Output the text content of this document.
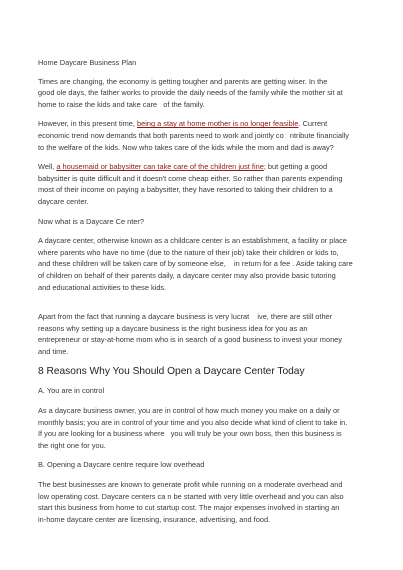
Home Daycare Business Plan
Times are changing, the economy is getting tougher and parents are getting wiser. In the
good ole days, the father works to provide the daily needs of the family while the mother sit at
home to raise the kids and take care   of the family.
However, in this present time, being a stay at home mother is no longer feasible. Current
economic trend now demands that both parents need to work and jointly co   ntribute financially
to the welfare of the kids. Now who takes care of the kids while the mom and dad is away?
Well, a housemaid or babysitter can take care of the children just fine; but getting a good
babysitter is quite difficult and it doesn't come cheap either. So rather than parents expending
most of their income on paying a babysitter, they have resorted to taking their children to a
daycare center.
Now what is a Daycare Ce nter?
A daycare center, otherwise known as a childcare center is an establishment, a facility or place
where parents who have no time (due to the nature of their job) take their children or kids to,
and these children will be taken care of by someone else,    in return for a fee . Aside taking care
of children on behalf of their parents daily, a daycare center may also provide basic tutoring
and educational activities to these kids.
Apart from the fact that running a daycare business is very lucrat    ive, there are still other
reasons why setting up a daycare business is the right business idea for you as an
entrepreneur or stay-at-home mom who is in search of a good business to invest your money
and time.
8 Reasons Why You Should Open a Daycare Center Today
A. You are in control
As a daycare business owner, you are in control of how much money you make on a daily or
monthly basis; you are in control of your time and you also decide what kind of client to take in.
If you are looking for a business where   you will truly be your own boss, then this business is
the right one for you.
B. Opening a Daycare centre require low overhead
The best businesses are known to generate profit while running on a moderate overhead and
low operating cost. Daycare centers ca n be started with very little overhead and you can also
start this business from home to cut startup cost. The major expenses involved in starting an
in-home daycare center are licensing, insurance, advertising, and food.
